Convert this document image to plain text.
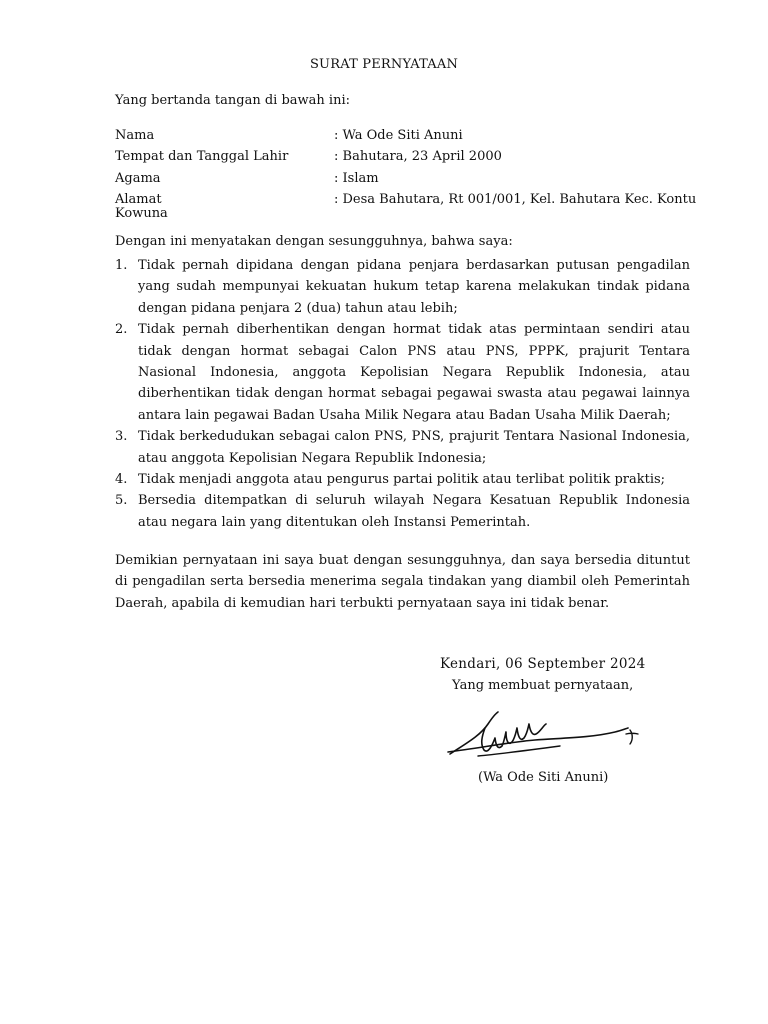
SURAT PERNYATAAN
Yang bertanda tangan di bawah ini:
Nama	: Wa Ode Siti Anuni
Tempat dan Tanggal Lahir	: Bahutara, 23 April 2000
Agama	: Islam
Alamat	: Desa Bahutara, Rt 001/001, Kel. Bahutara Kec. Kontu
Kowuna
Dengan ini menyatakan dengan sesungguhnya, bahwa saya:
1. Tidak pernah dipidana dengan pidana penjara berdasarkan putusan pengadilan yang sudah mempunyai kekuatan hukum tetap karena melakukan tindak pidana dengan pidana penjara 2 (dua) tahun atau lebih;
2. Tidak pernah diberhentikan dengan hormat tidak atas permintaan sendiri atau tidak dengan hormat sebagai Calon PNS atau PNS, PPPK, prajurit Tentara Nasional Indonesia, anggota Kepolisian Negara Republik Indonesia, atau diberhentikan tidak dengan hormat sebagai pegawai swasta atau pegawai lainnya antara lain pegawai Badan Usaha Milik Negara atau Badan Usaha Milik Daerah;
3. Tidak berkedudukan sebagai calon PNS, PNS, prajurit Tentara Nasional Indonesia, atau anggota Kepolisian Negara Republik Indonesia;
4. Tidak menjadi anggota atau pengurus partai politik atau terlibat politik praktis;
5. Bersedia ditempatkan di seluruh wilayah Negara Kesatuan Republik Indonesia atau negara lain yang ditentukan oleh Instansi Pemerintah.
Demikian pernyataan ini saya buat dengan sesungguhnya, dan saya bersedia dituntut di pengadilan serta bersedia menerima segala tindakan yang diambil oleh Pemerintah Daerah, apabila di kemudian hari terbukti pernyataan saya ini tidak benar.
Kendari, 06 September 2024
Yang membuat pernyataan,
(Wa Ode Siti Anuni)
